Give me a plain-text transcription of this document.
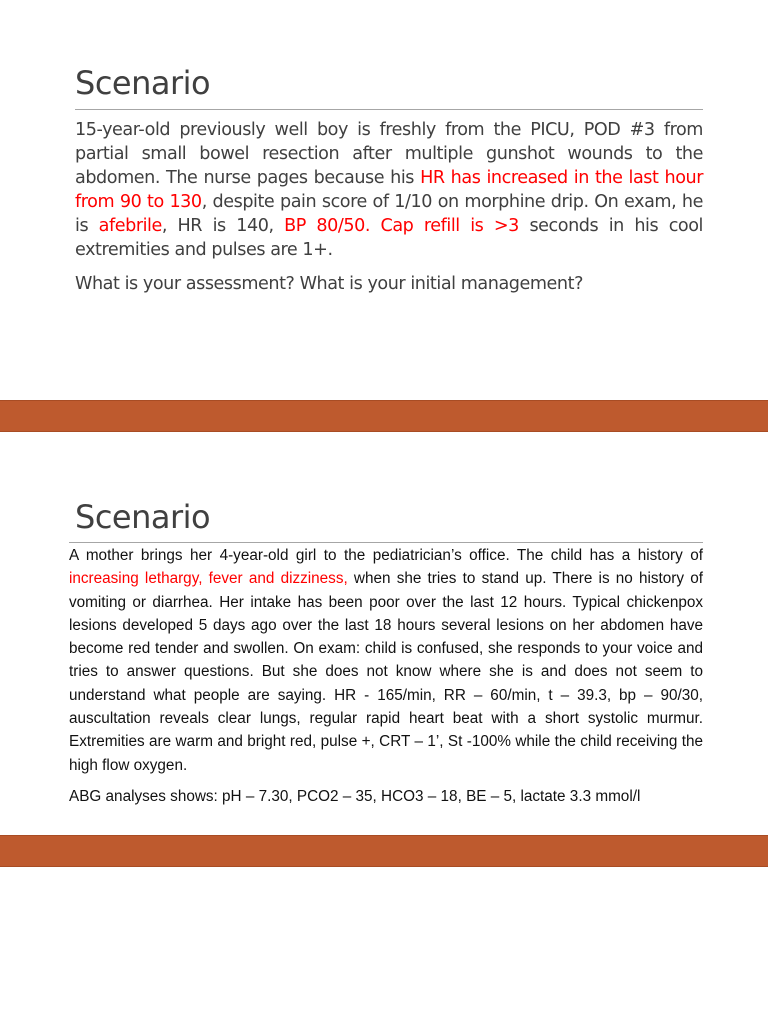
Scenario

15-year-old previously well boy is freshly from the PICU, POD #3 from partial small bowel resection after multiple gunshot wounds to the abdomen. The nurse pages because his HR has increased in the last hour from 90 to 130, despite pain score of 1/10 on morphine drip. On exam, he is afebrile, HR is 140, BP 80/50. Cap refill is >3 seconds in his cool extremities and pulses are 1+.

What is your assessment? What is your initial management?

Scenario

A mother brings her 4-year-old girl to the pediatrician’s office. The child has a history of increasing lethargy, fever and dizziness, when she tries to stand up. There is no history of vomiting or diarrhea. Her intake has been poor over the last 12 hours. Typical chickenpox lesions developed 5 days ago over the last 18 hours several lesions on her abdomen have become red tender and swollen. On exam: child is confused, she responds to your voice and tries to answer questions. But she does not know where she is and does not seem to understand what people are saying. HR - 165/min, RR – 60/min, t – 39.3, bp – 90/30, auscultation reveals clear lungs, regular rapid heart beat with a short systolic murmur. Extremities are warm and bright red, pulse +, CRT – 1’, St -100% while the child receiving the high flow oxygen.

ABG analyses shows: pH – 7.30, PCO2 – 35, HCO3 – 18, BE – 5, lactate 3.3 mmol/l
